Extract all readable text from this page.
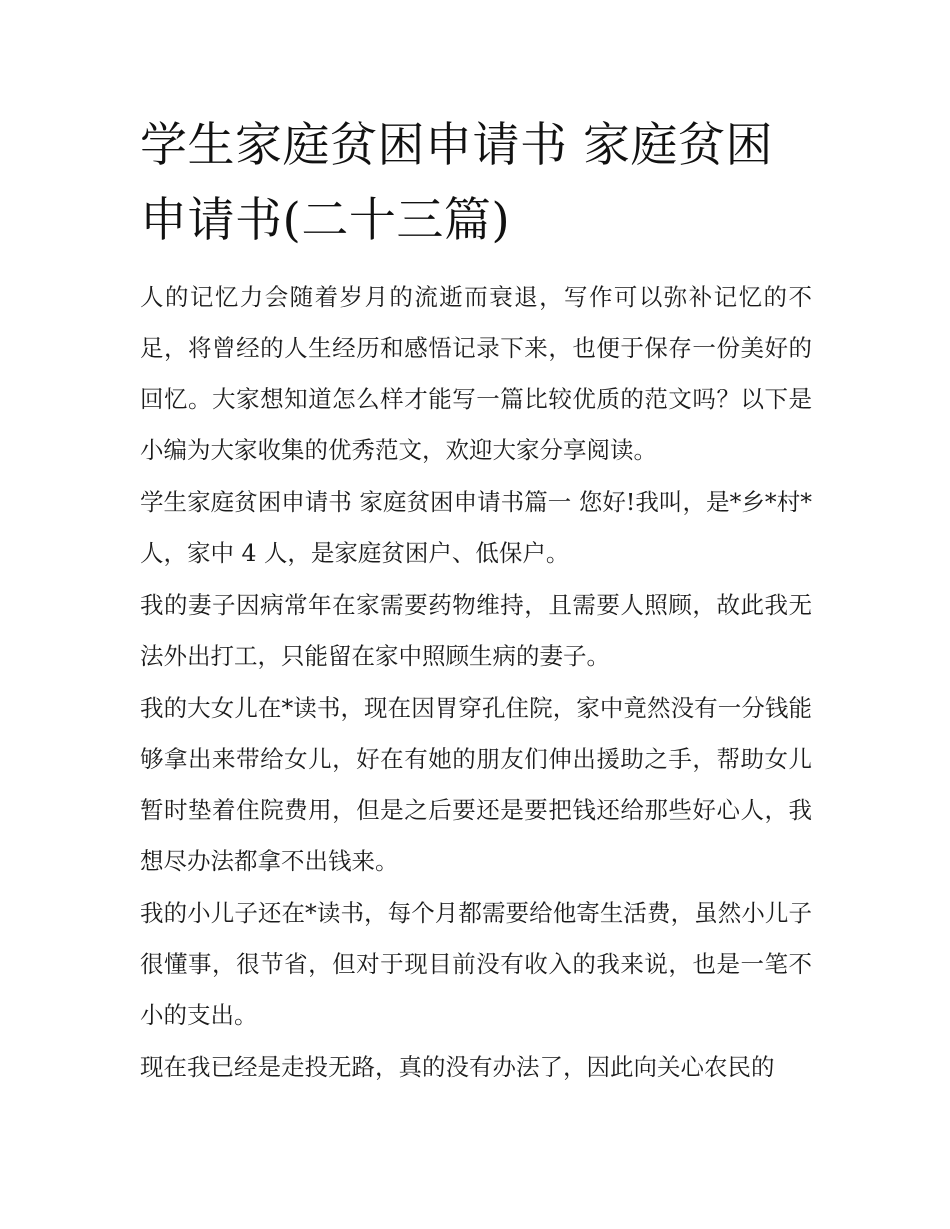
学生家庭贫困申请书 家庭贫困申请书(二十三篇)

人的记忆力会随着岁月的流逝而衰退，写作可以弥补记忆的不足，将曾经的人生经历和感悟记录下来，也便于保存一份美好的回忆。大家想知道怎么样才能写一篇比较优质的范文吗？以下是小编为大家收集的优秀范文，欢迎大家分享阅读。

学生家庭贫困申请书 家庭贫困申请书篇一 您好!我叫，是*乡*村*人，家中 4 人，是家庭贫困户、低保户。

我的妻子因病常年在家需要药物维持，且需要人照顾，故此我无法外出打工，只能留在家中照顾生病的妻子。

我的大女儿在*读书，现在因胃穿孔住院，家中竟然没有一分钱能够拿出来带给女儿，好在有她的朋友们伸出援助之手，帮助女儿暂时垫着住院费用，但是之后要还是要把钱还给那些好心人，我想尽办法都拿不出钱来。

我的小儿子还在*读书，每个月都需要给他寄生活费，虽然小儿子很懂事，很节省，但对于现目前没有收入的我来说，也是一笔不小的支出。

现在我已经是走投无路，真的没有办法了，因此向关心农民的
